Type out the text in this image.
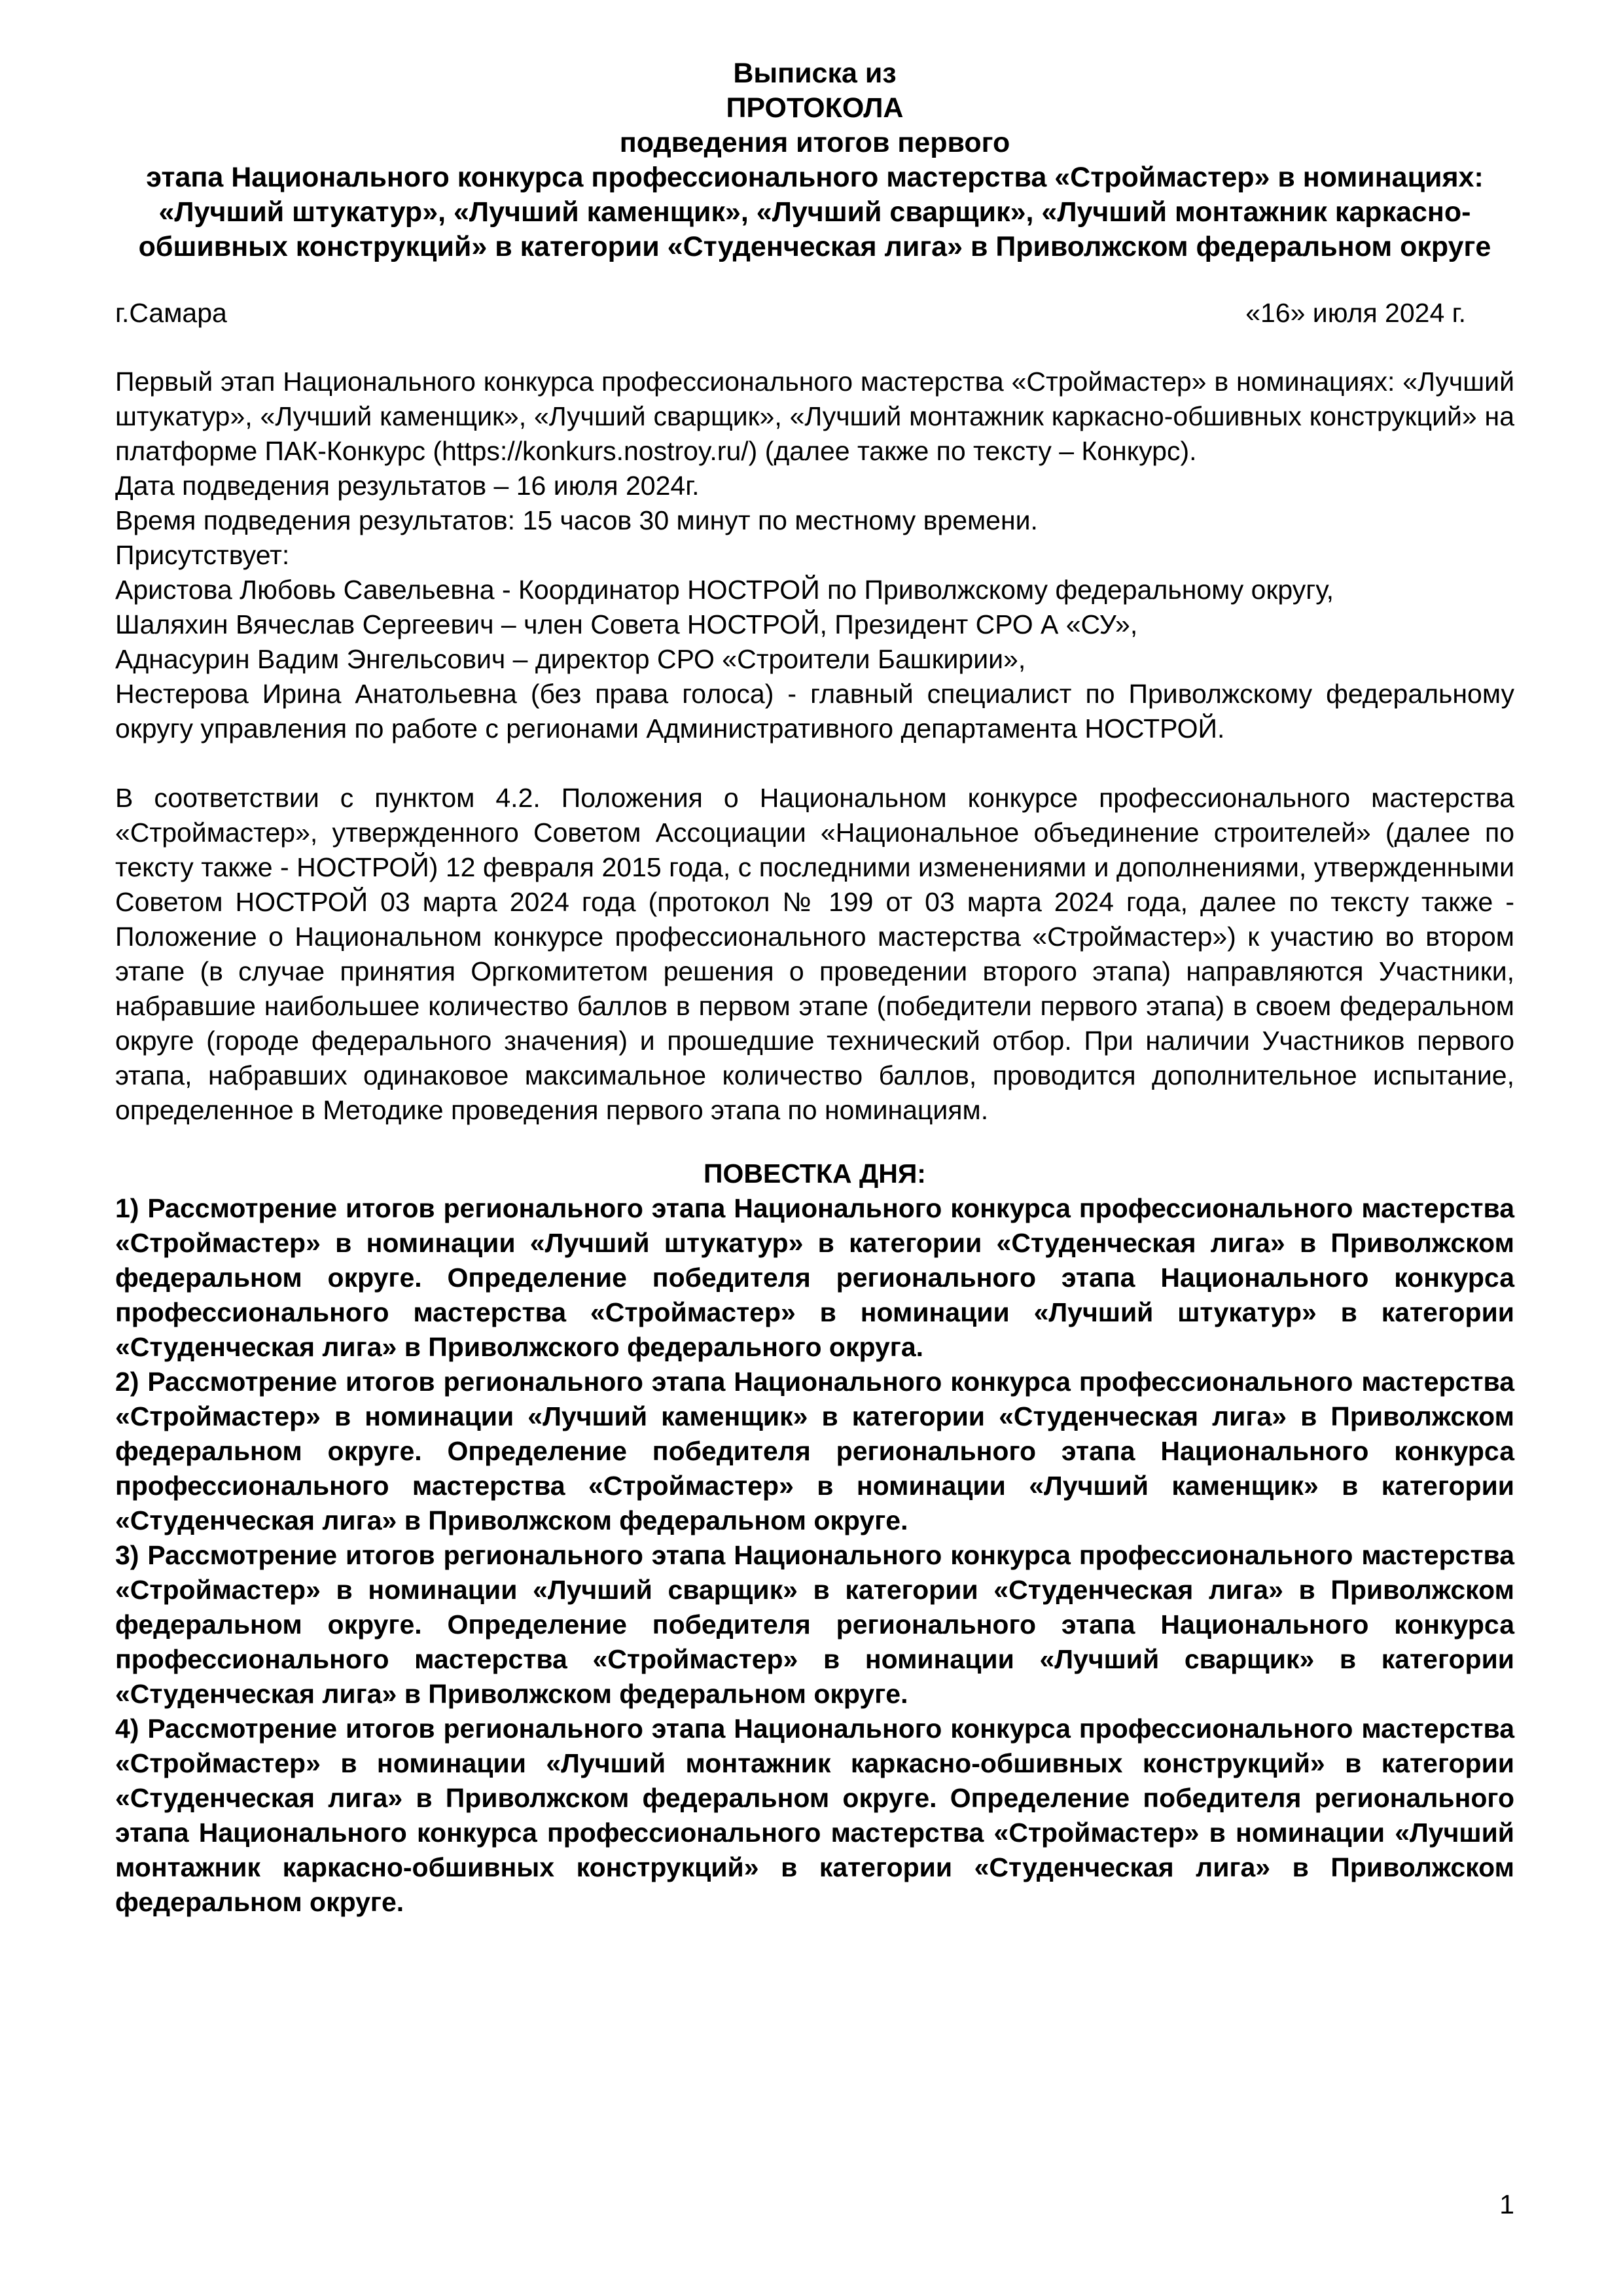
Выписка из
ПРОТОКОЛА
подведения итогов первого
этапа Национального конкурса профессионального мастерства «Строймастер» в номинациях: «Лучший штукатур», «Лучший каменщик», «Лучший сварщик», «Лучший монтажник каркасно-обшивных конструкций» в категории «Студенческая лига» в Приволжском федеральном округе
г.Самара	«16» июля 2024 г.

Первый этап Национального конкурса профессионального мастерства «Строймастер» в номинациях: «Лучший штукатур», «Лучший каменщик», «Лучший сварщик», «Лучший монтажник каркасно-обшивных конструкций» на платформе ПАК-Конкурс (https://konkurs.nostroy.ru/) (далее также по тексту – Конкурс).

Дата подведения результатов – 16 июля 2024г.

Время подведения результатов: 15 часов 30 минут по местному времени.

Присутствует:

Аристова Любовь Савельевна - Координатор НОСТРОЙ по Приволжскому федеральному округу,

Шаляхин Вячеслав Сергеевич – член Совета НОСТРОЙ, Президент СРО А «СУ»,

Аднасурин Вадим Энгельсович – директор СРО «Строители Башкирии»,

Нестерова Ирина Анатольевна (без права голоса) - главный специалист по Приволжскому федеральному округу управления по работе с регионами Административного департамента НОСТРОЙ.

В соответствии с пунктом 4.2. Положения о Национальном конкурсе профессионального мастерства «Строймастер», утвержденного Советом Ассоциации «Национальное объединение строителей» (далее по тексту также - НОСТРОЙ) 12 февраля 2015 года, с последними изменениями и дополнениями, утвержденными Советом НОСТРОЙ 03 марта 2024 года (протокол № 199 от 03 марта 2024 года, далее по тексту также - Положение о Национальном конкурсе профессионального мастерства «Строймастер») к участию во втором этапе (в случае принятия Оргкомитетом решения о проведении второго этапа) направляются Участники, набравшие наибольшее количество баллов в первом этапе (победители первого этапа) в своем федеральном округе (городе федерального значения) и прошедшие технический отбор. При наличии Участников первого этапа, набравших одинаковое максимальное количество баллов, проводится дополнительное испытание, определенное в Методике проведения первого этапа по номинациям.

ПОВЕСТКА ДНЯ:

1) Рассмотрение итогов регионального этапа Национального конкурса профессионального мастерства «Строймастер» в номинации «Лучший штукатур» в категории «Студенческая лига» в Приволжском федеральном округе. Определение победителя регионального этапа Национального конкурса профессионального мастерства «Строймастер» в номинации «Лучший штукатур» в категории «Студенческая лига» в Приволжского федерального округа.

2) Рассмотрение итогов регионального этапа Национального конкурса профессионального мастерства «Строймастер» в номинации «Лучший каменщик» в категории «Студенческая лига» в Приволжском федеральном округе. Определение победителя регионального этапа Национального конкурса профессионального мастерства «Строймастер» в номинации «Лучший каменщик» в категории «Студенческая лига» в Приволжском федеральном округе.

3) Рассмотрение итогов регионального этапа Национального конкурса профессионального мастерства «Строймастер» в номинации «Лучший сварщик» в категории «Студенческая лига» в Приволжском федеральном округе. Определение победителя регионального этапа Национального конкурса профессионального мастерства «Строймастер» в номинации «Лучший сварщик» в категории «Студенческая лига» в Приволжском федеральном округе.

4) Рассмотрение итогов регионального этапа Национального конкурса профессионального мастерства «Строймастер» в номинации «Лучший монтажник каркасно-обшивных конструкций» в категории «Студенческая лига» в Приволжском федеральном округе. Определение победителя регионального этапа Национального конкурса профессионального мастерства «Строймастер» в номинации «Лучший монтажник каркасно-обшивных конструкций» в категории «Студенческая лига» в Приволжском федеральном округе.

1
